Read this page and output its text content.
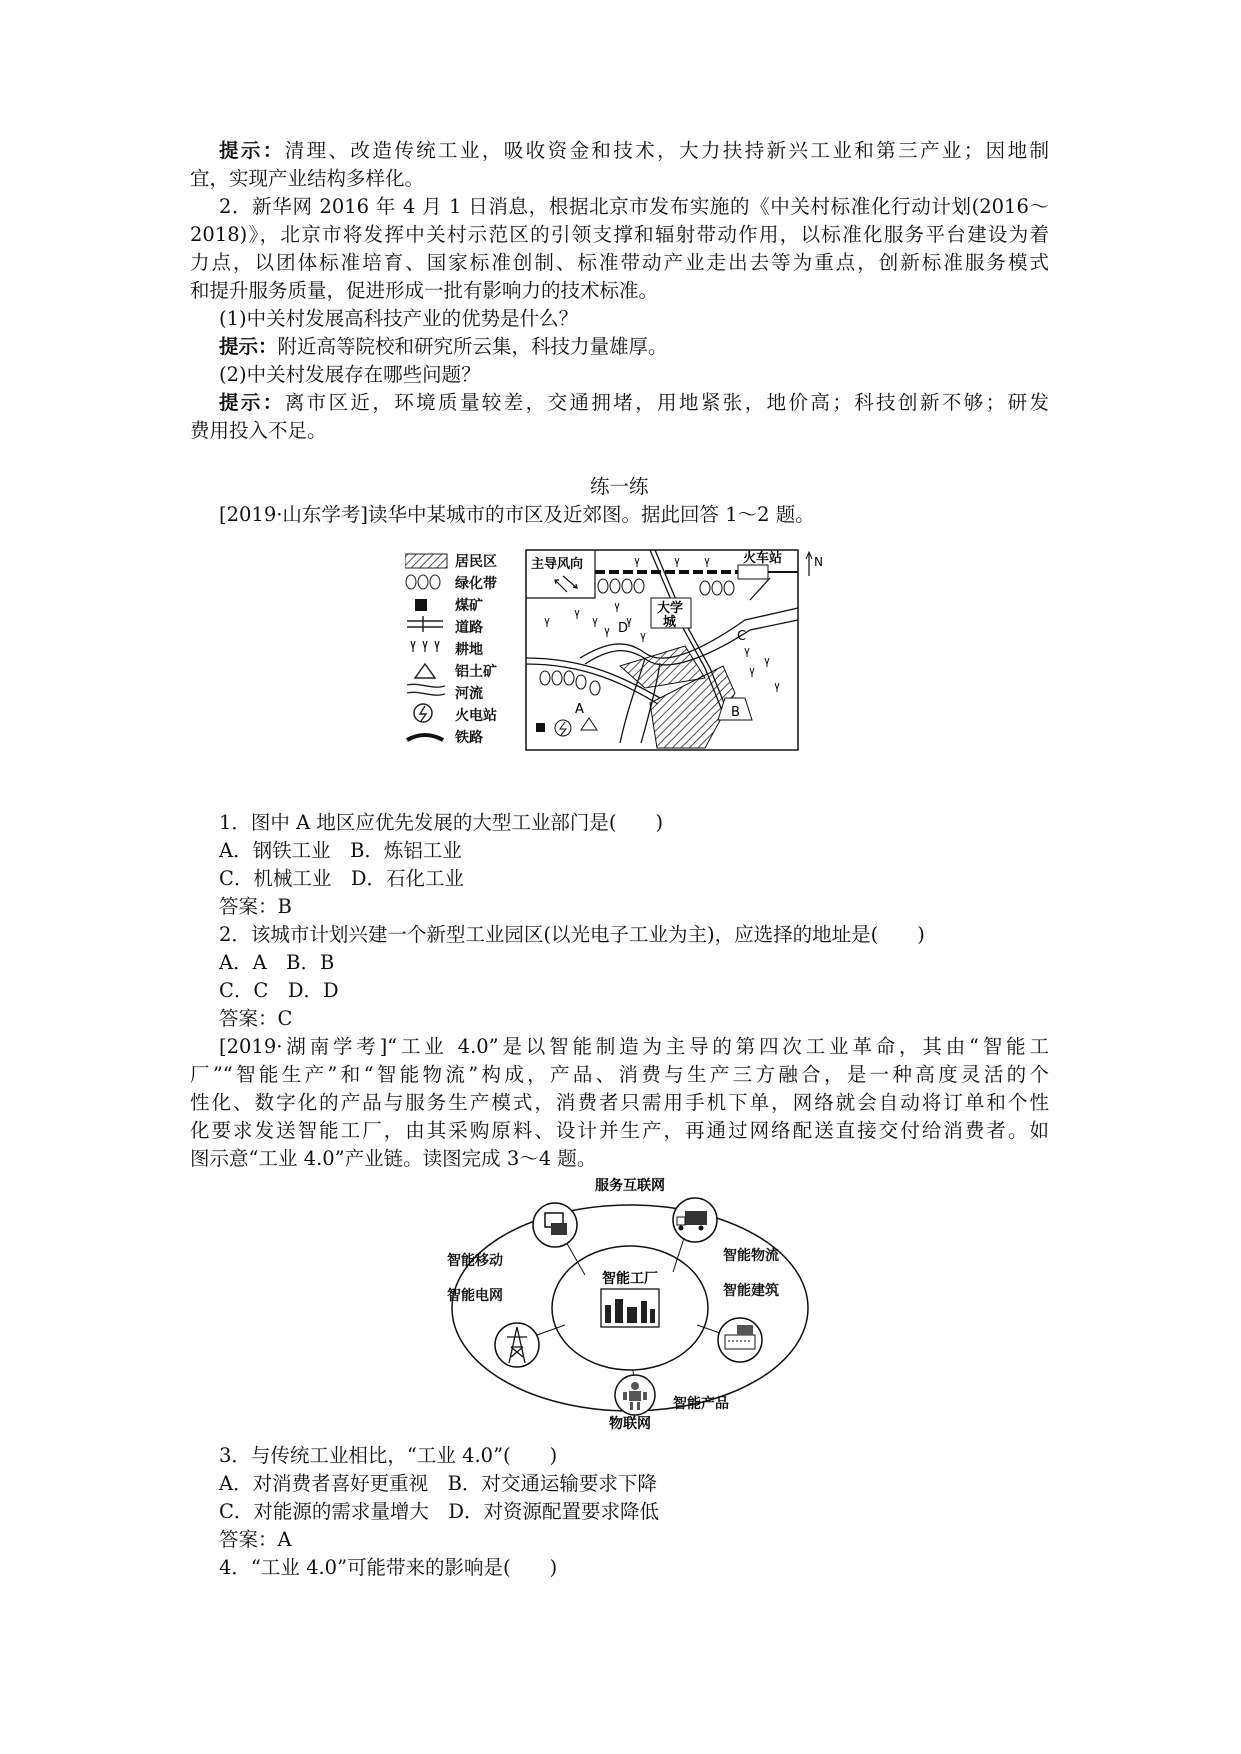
提示：清理、改造传统工业，吸收资金和技术，大力扶持新兴工业和第三产业；因地制
宜，实现产业结构多样化。
2．新华网 2016 年 4 月 1 日消息，根据北京市发布实施的《中关村标准化行动计划(2016～
2018)》，北京市将发挥中关村示范区的引领支撑和辐射带动作用，以标准化服务平台建设为着
力点，以团体标准培育、国家标准创制、标准带动产业走出去等为重点，创新标准服务模式
和提升服务质量，促进形成一批有影响力的技术标准。
(1)中关村发展高科技产业的优势是什么？
提示：附近高等院校和研究所云集，科技力量雄厚。
(2)中关村发展存在哪些问题？
提示：离市区近，环境质量较差，交通拥堵，用地紧张，地价高；科技创新不够；研发
费用投入不足。
练一练
[2019·山东学考]读华中某城市的市区及近郊图。据此回答 1～2 题。
居民区
绿化带
煤矿
道路
耕地
铝土矿
河流
火电站
铁路
主导风向	火车站	N
大学
城
A	B
C
D
1．图中 A 地区应优先发展的大型工业部门是(　　)
A．钢铁工业　B．炼铝工业
C．机械工业　D．石化工业
答案：B
2．该城市计划兴建一个新型工业园区(以光电子工业为主)，应选择的地址是(　　)
A．A　B．B
C．C　D．D
答案：C
[2019·湖南学考]“工业 4.0”是以智能制造为主导的第四次工业革命，其由“智能工
厂”“智能生产”和“智能物流”构成，产品、消费与生产三方融合，是一种高度灵活的个
性化、数字化的产品与服务生产模式，消费者只需用手机下单，网络就会自动将订单和个性
化要求发送智能工厂，由其采购原料、设计并生产，再通过网络配送直接交付给消费者。如
图示意“工业 4.0”产业链。读图完成 3～4 题。
服务互联网
物联网
智能工厂
智能移动	智能物流
智能电网	智能建筑
智能产品
3．与传统工业相比，“工业 4.0”(　　)
A．对消费者喜好更重视　B．对交通运输要求下降
C．对能源的需求量增大　D．对资源配置要求降低
答案：A
4．“工业 4.0”可能带来的影响是(　　)
